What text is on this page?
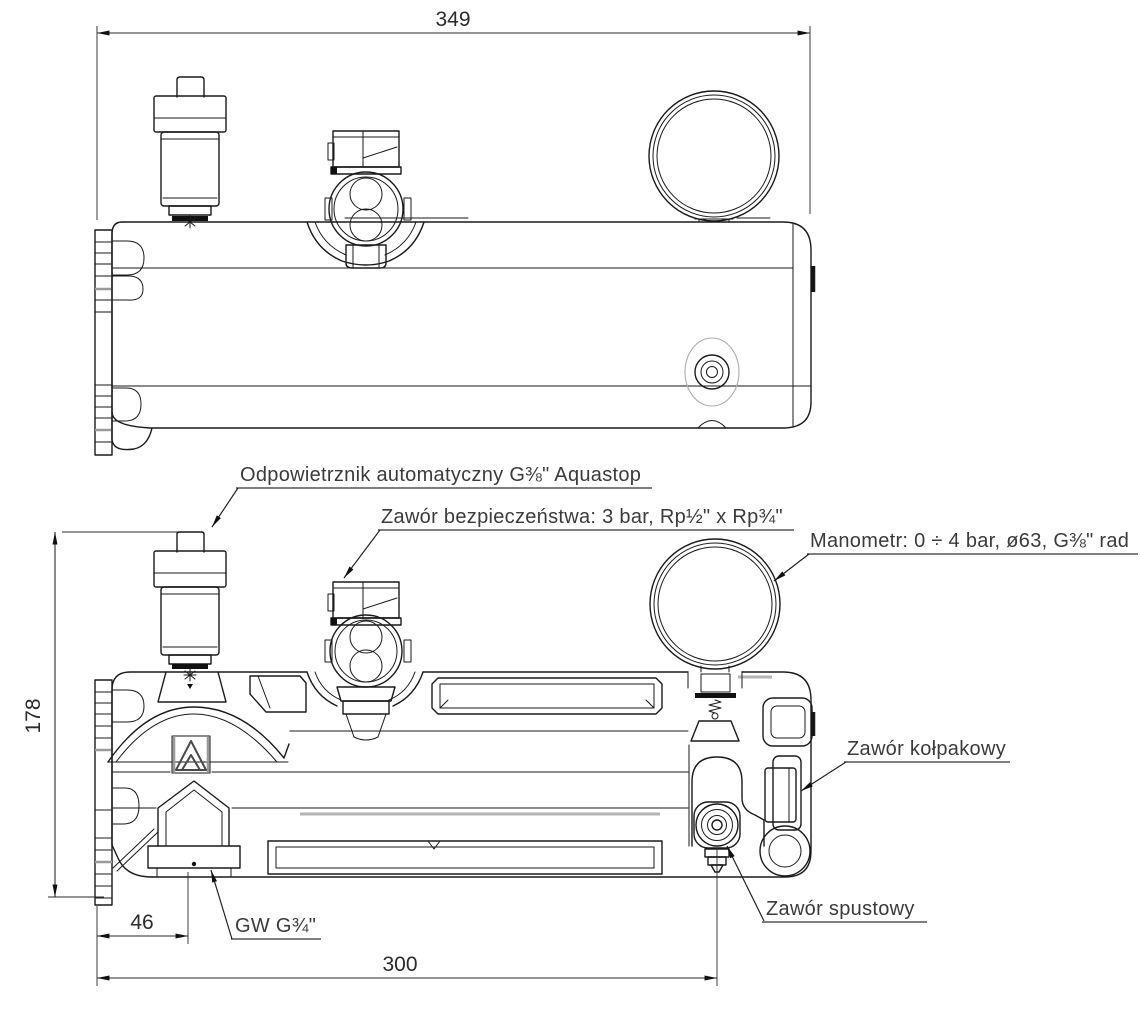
349
178
46
300
Odpowietrznik automatyczny G⅜" Aquastop
Zawór bezpieczeństwa: 3 bar, Rp½" x Rp¾"
Manometr: 0 ÷ 4 bar, ø63, G⅜" rad
Zawór kołpakowy
Zawór spustowy
GW G¾"
